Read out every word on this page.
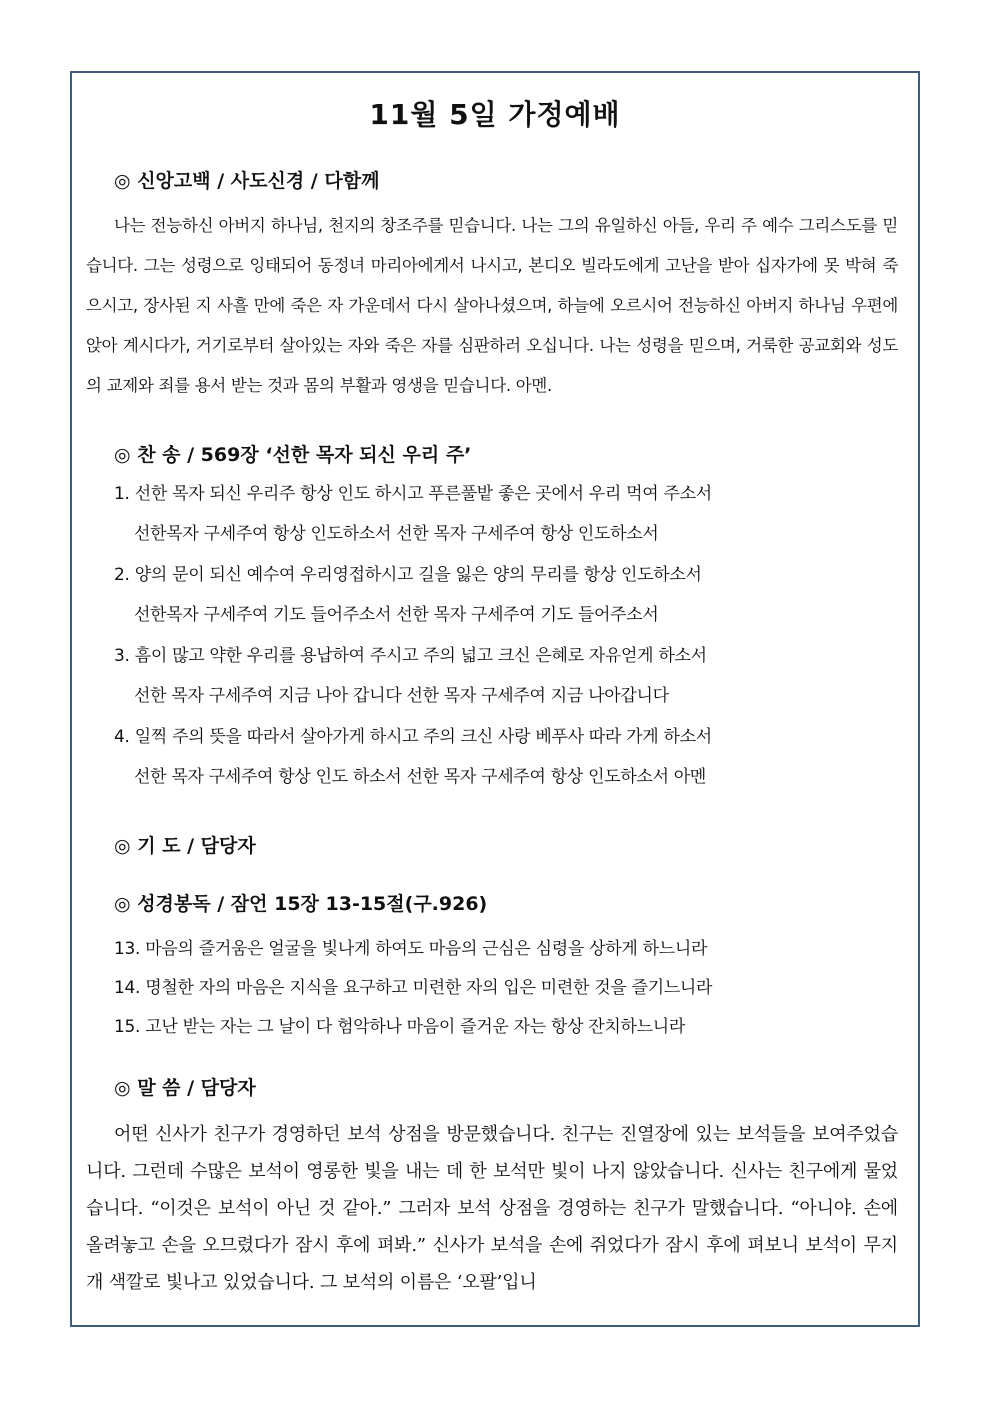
11월 5일 가정예배
◎ 신앙고백 / 사도신경 / 다함께

나는 전능하신 아버지 하나님, 천지의 창조주를 믿습니다. 나는 그의 유일하신 아들, 우리 주 예수 그리스도를 믿습니다. 그는 성령으로 잉태되어 동정녀 마리아에게서 나시고, 본디오 빌라도에게 고난을 받아 십자가에 못 박혀 죽으시고, 장사된 지 사흘 만에 죽은 자 가운데서 다시 살아나셨으며, 하늘에 오르시어 전능하신 아버지 하나님 우편에 앉아 계시다가, 거기로부터 살아있는 자와 죽은 자를 심판하러 오십니다. 나는 성령을 믿으며, 거룩한 공교회와 성도의 교제와 죄를 용서 받는 것과 몸의 부활과 영생을 믿습니다. 아멘.

◎ 찬 송 / 569장 ‘선한 목자 되신 우리 주’
1. 선한 목자 되신 우리주 항상 인도 하시고 푸른풀밭 좋은 곳에서 우리 먹여 주소서
선한목자 구세주여 항상 인도하소서 선한 목자 구세주여 항상 인도하소서
2. 양의 문이 되신 예수여 우리영접하시고 길을 잃은 양의 무리를 항상 인도하소서
선한목자 구세주여 기도 들어주소서 선한 목자 구세주여 기도 들어주소서
3. 흠이 많고 약한 우리를 용납하여 주시고 주의 넓고 크신 은혜로 자유얻게 하소서
선한 목자 구세주여 지금 나아 갑니다 선한 목자 구세주여 지금 나아갑니다
4. 일찍 주의 뜻을 따라서 살아가게 하시고 주의 크신 사랑 베푸사 따라 가게 하소서
선한 목자 구세주여 항상 인도 하소서 선한 목자 구세주여 항상 인도하소서 아멘
◎ 기 도 / 담당자
◎ 성경봉독 / 잠언 15장 13-15절(구.926)
13. 마음의 즐거움은 얼굴을 빛나게 하여도 마음의 근심은 심령을 상하게 하느니라
14. 명철한 자의 마음은 지식을 요구하고 미련한 자의 입은 미련한 것을 즐기느니라
15. 고난 받는 자는 그 날이 다 험악하나 마음이 즐거운 자는 항상 잔치하느니라
◎ 말 씀 / 담당자

어떤 신사가 친구가 경영하던 보석 상점을 방문했습니다. 친구는 진열장에 있는 보석들을 보여주었습니다. 그런데 수많은 보석이 영롱한 빛을 내는 데 한 보석만 빛이 나지 않았습니다. 신사는 친구에게 물었습니다. “이것은 보석이 아닌 것 같아.” 그러자 보석 상점을 경영하는 친구가 말했습니다. “아니야. 손에 올려놓고 손을 오므렸다가 잠시 후에 펴봐.” 신사가 보석을 손에 쥐었다가 잠시 후에 펴보니 보석이 무지개 색깔로 빛나고 있었습니다. 그 보석의 이름은 ‘오팔’입니
